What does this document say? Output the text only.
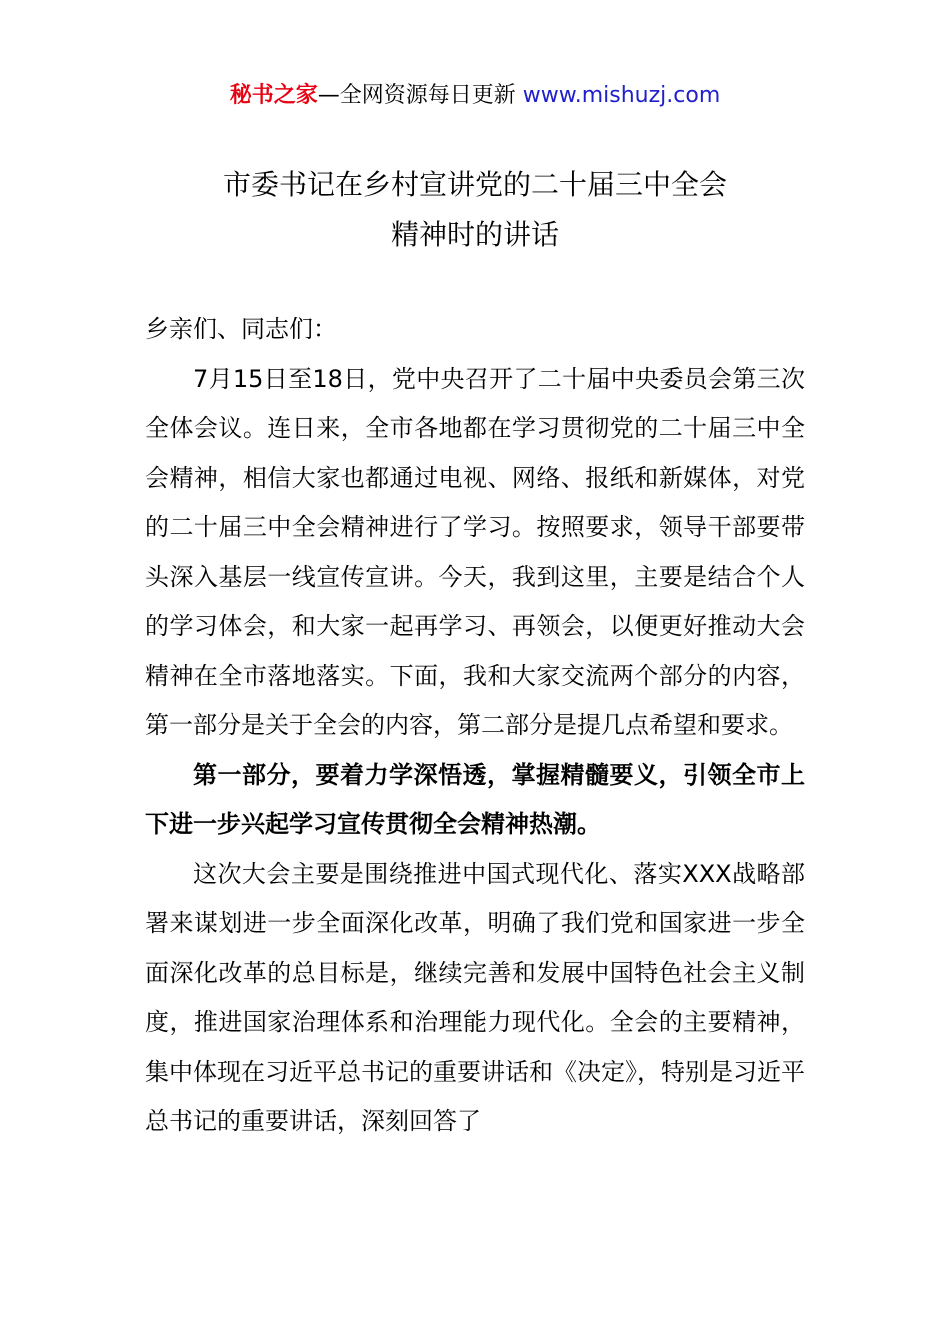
秘书之家—全网资源每日更新 www.mishuzj.com
市委书记在乡村宣讲党的二十届三中全会
精神时的讲话

乡亲们、同志们：

7月15日至18日，党中央召开了二十届中央委员会第三次全体会议。连日来，全市各地都在学习贯彻党的二十届三中全会精神，相信大家也都通过电视、网络、报纸和新媒体，对党的二十届三中全会精神进行了学习。按照要求，领导干部要带头深入基层一线宣传宣讲。今天，我到这里，主要是结合个人的学习体会，和大家一起再学习、再领会，以便更好推动大会精神在全市落地落实。下面，我和大家交流两个部分的内容，第一部分是关于全会的内容，第二部分是提几点希望和要求。

第一部分，要着力学深悟透，掌握精髓要义，引领全市上下进一步兴起学习宣传贯彻全会精神热潮。

这次大会主要是围绕推进中国式现代化、落实XXX战略部署来谋划进一步全面深化改革，明确了我们党和国家进一步全面深化改革的总目标是，继续完善和发展中国特色社会主义制度，推进国家治理体系和治理能力现代化。全会的主要精神，集中体现在习近平总书记的重要讲话和《决定》，特别是习近平总书记的重要讲话，深刻回答了
